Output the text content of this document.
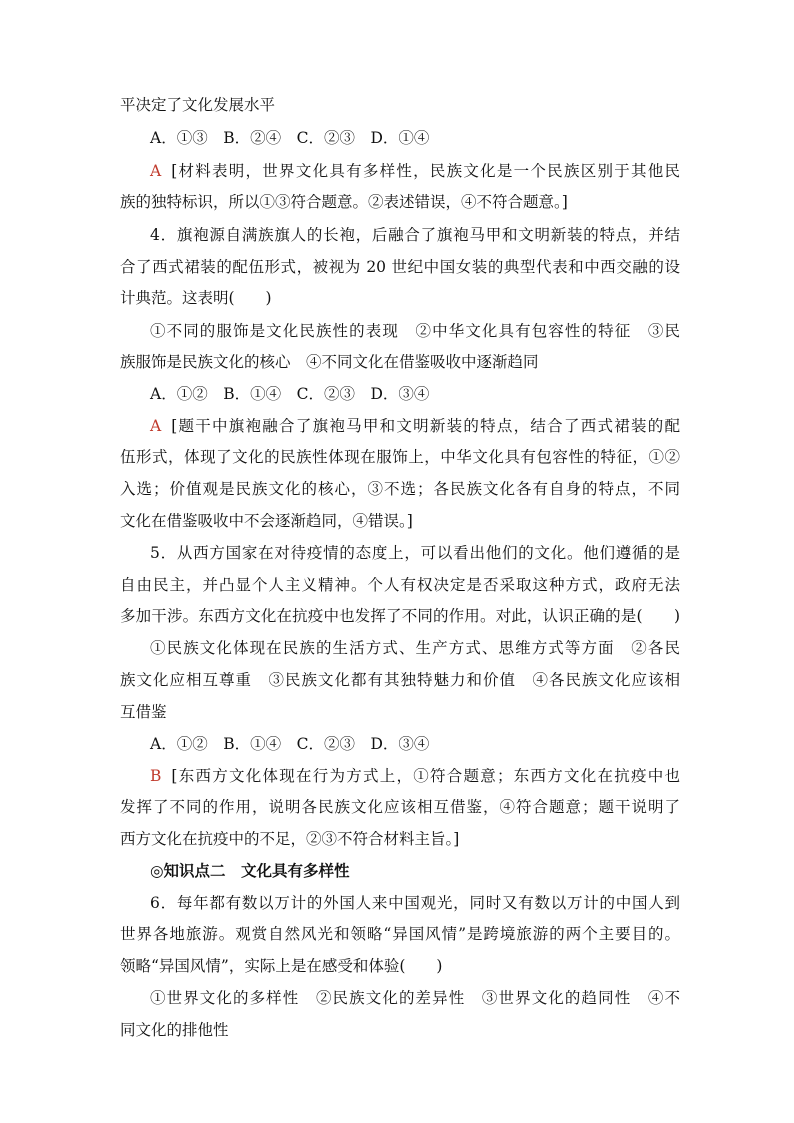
平决定了文化发展水平
A．①③　B．②④　C．②③　D．①④
A [材料表明，世界文化具有多样性，民族文化是一个民族区别于其他民
族的独特标识，所以①③符合题意。②表述错误，④不符合题意。]
4．旗袍源自满族旗人的长袍，后融合了旗袍马甲和文明新装的特点，并结
合了西式裙装的配伍形式，被视为 20 世纪中国女装的典型代表和中西交融的设
计典范。这表明(　　)
①不同的服饰是文化民族性的表现　②中华文化具有包容性的特征　③民
族服饰是民族文化的核心　④不同文化在借鉴吸收中逐渐趋同
A．①②　B．①④　C．②③　D．③④
A [题干中旗袍融合了旗袍马甲和文明新装的特点，结合了西式裙装的配
伍形式，体现了文化的民族性体现在服饰上，中华文化具有包容性的特征，①②
入选；价值观是民族文化的核心，③不选；各民族文化各有自身的特点，不同
文化在借鉴吸收中不会逐渐趋同，④错误。]
5．从西方国家在对待疫情的态度上，可以看出他们的文化。他们遵循的是
自由民主，并凸显个人主义精神。个人有权决定是否采取这种方式，政府无法
多加干涉。东西方文化在抗疫中也发挥了不同的作用。对此，认识正确的是(　　)
①民族文化体现在民族的生活方式、生产方式、思维方式等方面　②各民
族文化应相互尊重　③民族文化都有其独特魅力和价值　④各民族文化应该相
互借鉴
A．①②　B．①④　C．②③　D．③④
B [东西方文化体现在行为方式上，①符合题意；东西方文化在抗疫中也
发挥了不同的作用，说明各民族文化应该相互借鉴，④符合题意；题干说明了
西方文化在抗疫中的不足，②③不符合材料主旨。]
◎知识点二　文化具有多样性
6．每年都有数以万计的外国人来中国观光，同时又有数以万计的中国人到
世界各地旅游。观赏自然风光和领略“异国风情”是跨境旅游的两个主要目的。
领略“异国风情”，实际上是在感受和体验(　　)
①世界文化的多样性　②民族文化的差异性　③世界文化的趋同性　④不
同文化的排他性
